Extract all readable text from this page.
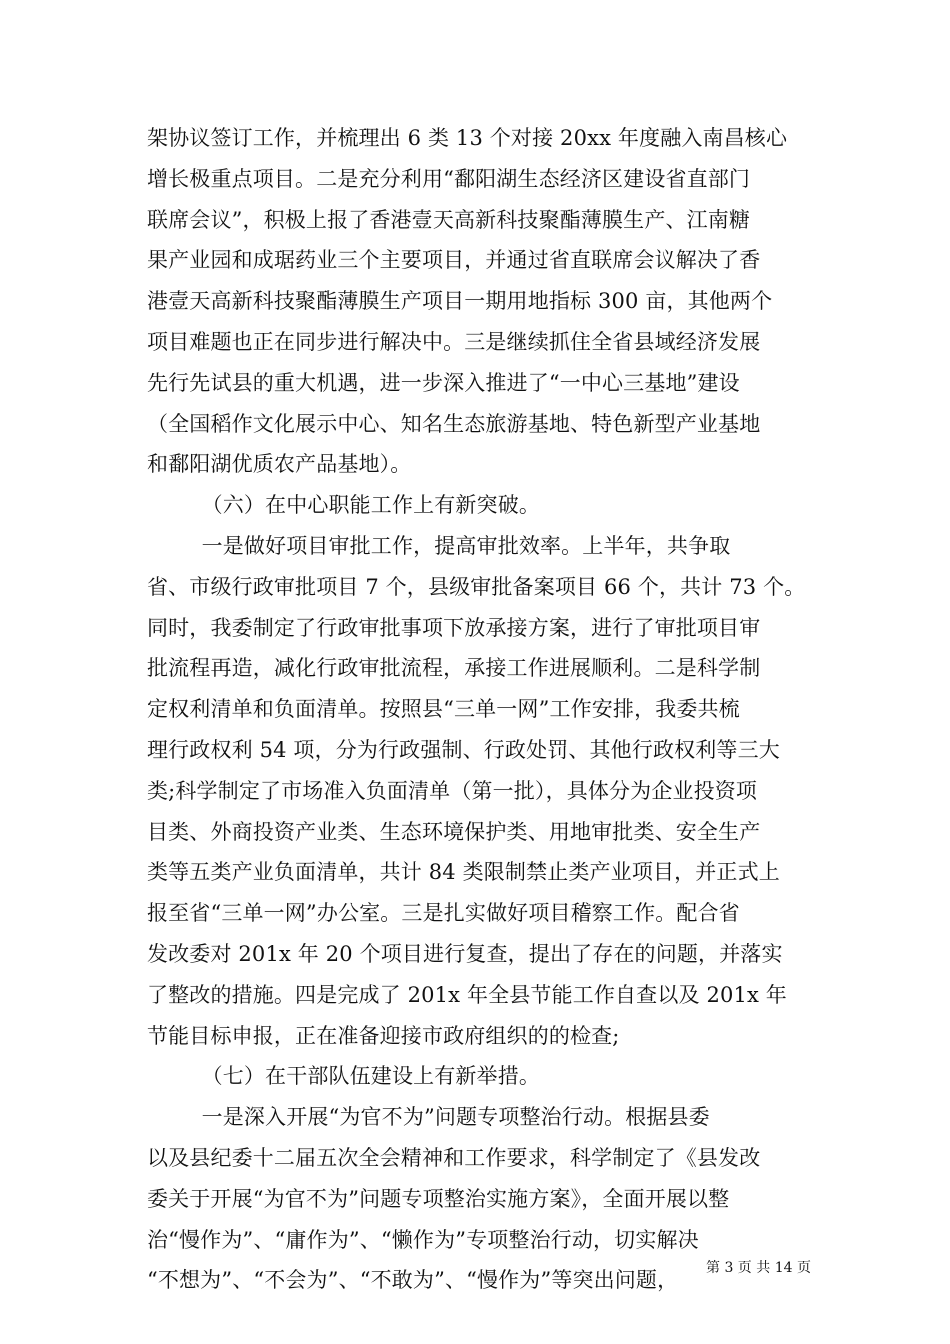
架协议签订工作，并梳理出 6 类 13 个对接 20xx 年度融入南昌核心
增长极重点项目。二是充分利用“鄱阳湖生态经济区建设省直部门
联席会议”，积极上报了香港壹天高新科技聚酯薄膜生产、江南糖
果产业园和成琚药业三个主要项目，并通过省直联席会议解决了香
港壹天高新科技聚酯薄膜生产项目一期用地指标 300 亩，其他两个
项目难题也正在同步进行解决中。三是继续抓住全省县域经济发展
先行先试县的重大机遇，进一步深入推进了“一中心三基地”建设
（全国稻作文化展示中心、知名生态旅游基地、特色新型产业基地
和鄱阳湖优质农产品基地）。
（六）在中心职能工作上有新突破。
一是做好项目审批工作，提高审批效率。上半年，共争取
省、市级行政审批项目 7 个，县级审批备案项目 66 个，共计 73 个。
同时，我委制定了行政审批事项下放承接方案，进行了审批项目审
批流程再造，减化行政审批流程，承接工作进展顺利。二是科学制
定权利清单和负面清单。按照县“三单一网”工作安排，我委共梳
理行政权利 54 项，分为行政强制、行政处罚、其他行政权利等三大
类;科学制定了市场准入负面清单（第一批），具体分为企业投资项
目类、外商投资产业类、生态环境保护类、用地审批类、安全生产
类等五类产业负面清单，共计 84 类限制禁止类产业项目，并正式上
报至省“三单一网”办公室。三是扎实做好项目稽察工作。配合省
发改委对 201x 年 20 个项目进行复查，提出了存在的问题，并落实
了整改的措施。四是完成了 201x 年全县节能工作自查以及 201x 年
节能目标申报，正在准备迎接市政府组织的的检查;
（七）在干部队伍建设上有新举措。
一是深入开展“为官不为”问题专项整治行动。根据县委
以及县纪委十二届五次全会精神和工作要求，科学制定了《县发改
委关于开展“为官不为”问题专项整治实施方案》，全面开展以整
治“慢作为”、“庸作为”、“懒作为”专项整治行动，切实解决
“不想为”、“不会为”、“不敢为”、“慢作为”等突出问题，
第 3 页 共 14 页
